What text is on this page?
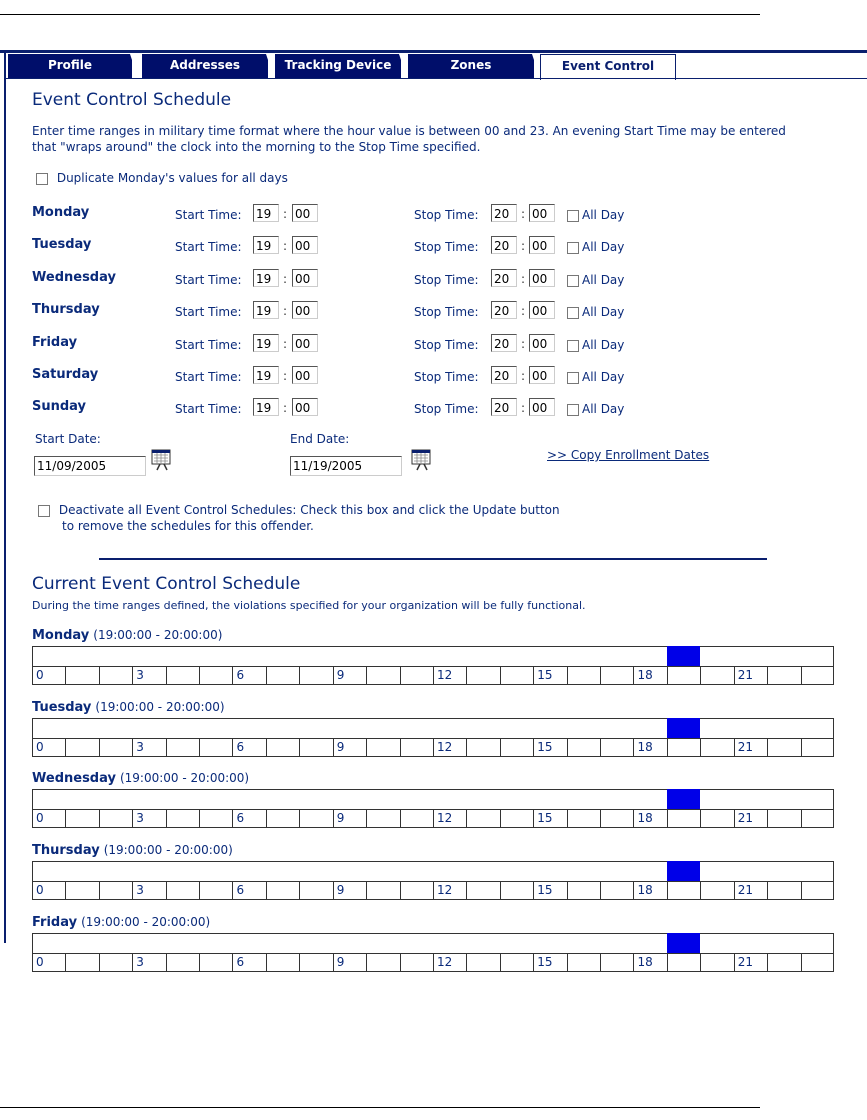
Profile	Addresses	Tracking Device	Zones	Event Control
Event Control Schedule
Enter time ranges in military time format where the hour value is between 00 and 23. An evening Start Time may be entered
that "wraps around" the clock into the morning to the Stop Time specified.
Duplicate Monday's values for all days
Monday	Start Time: 19 : 00	Stop Time: 20 : 00	All Day
Tuesday	Start Time: 19 : 00	Stop Time: 20 : 00	All Day
Wednesday	Start Time: 19 : 00	Stop Time: 20 : 00	All Day
Thursday	Start Time: 19 : 00	Stop Time: 20 : 00	All Day
Friday	Start Time: 19 : 00	Stop Time: 20 : 00	All Day
Saturday	Start Time: 19 : 00	Stop Time: 20 : 00	All Day
Sunday	Start Time: 19 : 00	Stop Time: 20 : 00	All Day
Start Date:
11/09/2005
End Date:
11/19/2005
>> Copy Enrollment Dates
Deactivate all Event Control Schedules: Check this box and click the Update button
to remove the schedules for this offender.
Current Event Control Schedule
During the time ranges defined, the violations specified for your organization will be fully functional.
Monday (19:00:00 - 20:00:00)
0	3	6	9	12	15	18	21
Tuesday (19:00:00 - 20:00:00)
0	3	6	9	12	15	18	21
Wednesday (19:00:00 - 20:00:00)
0	3	6	9	12	15	18	21
Thursday (19:00:00 - 20:00:00)
0	3	6	9	12	15	18	21
Friday (19:00:00 - 20:00:00)
0	3	6	9	12	15	18	21
